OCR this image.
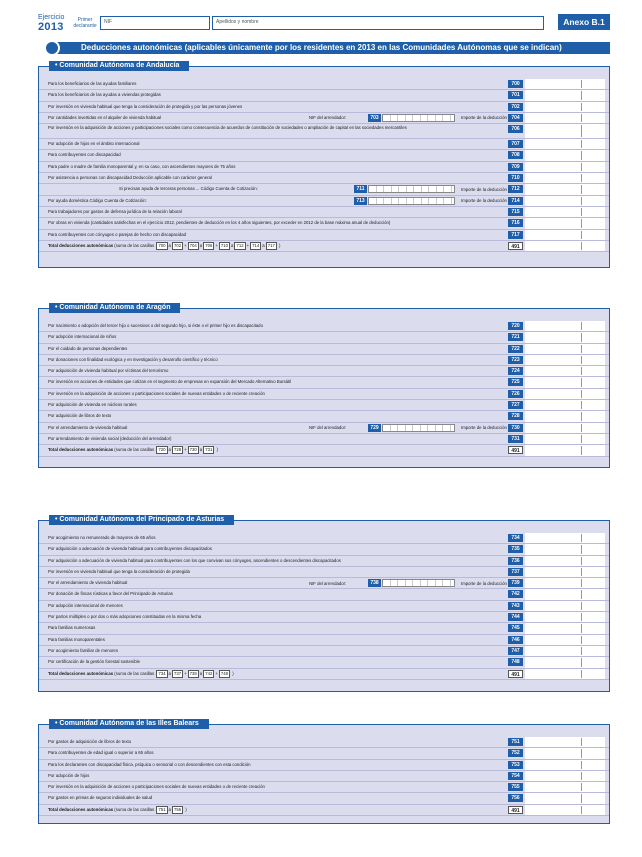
Ejercicio
2013
Primer declarante
NIF	Apellidos y nombre	Anexo B.1
Deducciones autonómicas (aplicables únicamente por los residentes en 2013 en las Comunidades Autónomas que se indican)
• Comunidad Autónoma de Andalucía
Para los beneficiarios de las ayudas familiares	700
Para los beneficiarios de las ayudas a viviendas protegidas	701
Por inversión en vivienda habitual que tenga la consideración de protegida y por las personas jóvenes	702
Por cantidades invertidas en el alquiler de vivienda habitual	NIF del arrendador:	703	Importe de la deducción 704
Por inversión en la adquisición de acciones y participaciones sociales como consecuencia de acuerdos de constitución de sociedades o ampliación de capital en las sociedades mercantiles	706
Por adopción de hijos en el ámbito internacional	707
Para contribuyentes con discapacidad	708
Para padre o madre de familia monoparental y, en su caso, con ascendientes mayores de 75 años	709
Por asistencia a personas con discapacidad Deducción aplicable con carácter general	710
Si precisan ayuda de terceras personas ... Código Cuenta de Cotización:	711	Importe de la deducción 712
Por ayuda doméstica Código Cuenta de Cotización:	713	Importe de la deducción 714
Para trabajadores por gastos de defensa jurídica de la relación laboral	715
Por obras en vivienda (cantidades satisfechas en el ejercicio 2012, pendientes de deducción en los 4 años siguientes, por exceder en 2012 de la base máxima anual de deducción)	716
Para contribuyentes con cónyuges o parejas de hecho con discapacidad	717
Total deducciones autonómicas (suma de las casillas 700 a 702 + 704 a 706 + 710 a 712 + 714 a 717 )	491
• Comunidad Autónoma de Aragón
Por nacimiento o adopción del tercer hijo o sucesivos o del segundo hijo, si éste o el primer hijo es discapacitado	720
Por adopción internacional de niños	721
Por el cuidado de personas dependientes	722
Por donaciones con finalidad ecológica y en investigación y desarrollo científico y técnico	723
Por adquisición de vivienda habitual por víctimas del terrorismo	724
Por inversión en acciones de entidades que cotizan en el segmento de empresas en expansión del Mercado Alternativo Bursátil	725
Por inversión en la adquisición de acciones o participaciones sociales de nuevas entidades o de reciente creación	726
Por adquisición de vivienda en núcleos rurales	727
Por adquisición de libros de texto	728
Por el arrendamiento de vivienda habitual	NIF del arrendador:	729	Importe de la deducción 730
Por arrendamiento de vivienda social (deducción del arrendador)	731
Total deducciones autonómicas (suma de las casillas 720 a 728 + 730 a 731 )	491
• Comunidad Autónoma del Principado de Asturias
Por acogimiento no remunerado de mayores de 65 años	734
Por adquisición o adecuación de vivienda habitual para contribuyentes discapacitados	735
Por adquisición o adecuación de vivienda habitual para contribuyentes con los que convivan sus cónyuges, ascendientes o descendientes discapacitados	736
Por inversión en vivienda habitual que tenga la consideración de protegida	737
Por el arrendamiento de vivienda habitual	NIF del arrendador:	738	Importe de la deducción 739
Por donación de fincas rústicas a favor del Principado de Asturias	742
Por adopción internacional de menores	743
Por partos múltiples o por dos o más adopciones constituidas en la misma fecha	744
Para familias numerosas	745
Para familias monoparentales	746
Por acogimiento familiar de menores	747
Por certificación de la gestión forestal sostenible	748
Total deducciones autonómicas (suma de las casillas 734 a 737 + 739 a 742 + 748 )	491
• Comunidad Autónoma de las Illes Balears
Por gastos de adquisición de libros de texto	751
Para contribuyentes de edad igual o superior a 65 años	752
Para los declarantes con discapacidad física, psíquica o sensorial o con descendientes con esta condición	753
Por adopción de hijos	754
Por inversión en la adquisición de acciones o participaciones sociales de nuevas entidades o de reciente creación	755
Por gastos en primas de seguros individuales de salud	756
Total deducciones autonómicas (suma de las casillas 751 a 756 )	491
